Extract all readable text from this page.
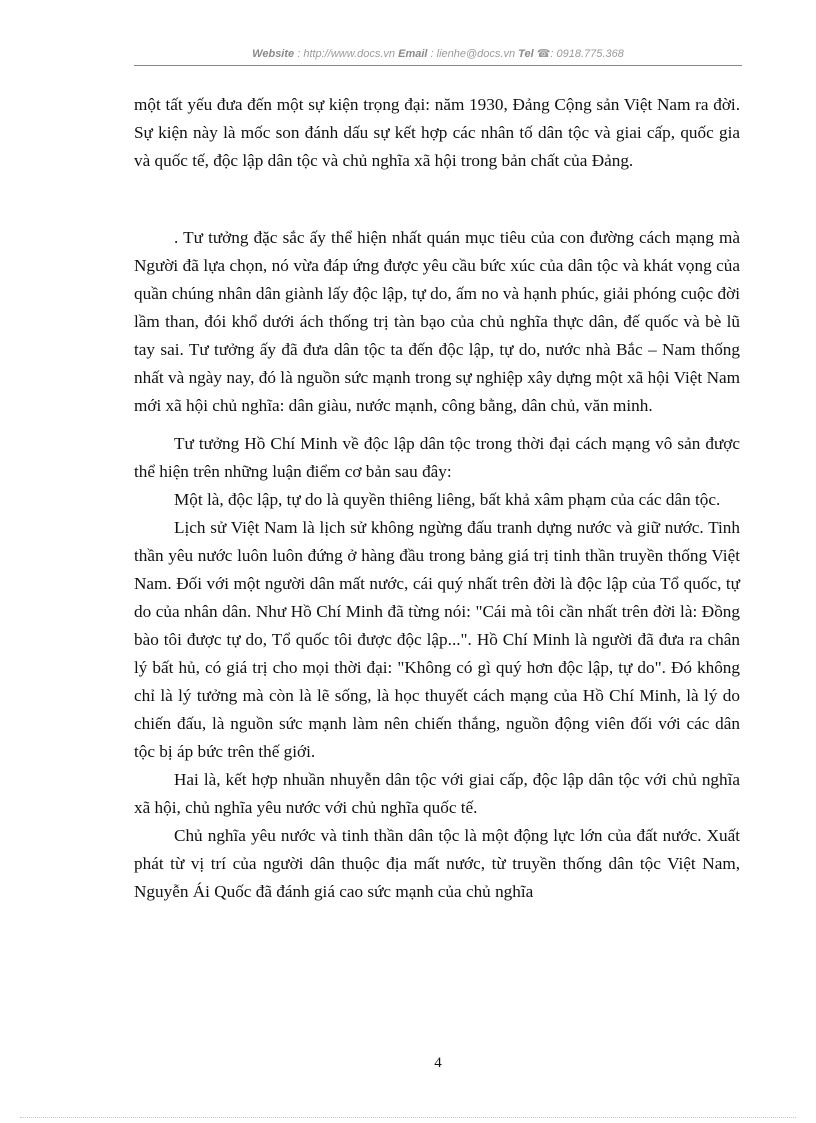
Website : http://www.docs.vn Email : lienhe@docs.vn Tel ☎: 0918.775.368

một tất yếu đưa đến một sự kiện trọng đại: năm 1930, Đảng Cộng sản Việt Nam ra đời. Sự kiện này là mốc son đánh dấu sự kết hợp các nhân tố dân tộc và giai cấp, quốc gia và quốc tế, độc lập dân tộc và chủ nghĩa xã hội trong bản chất của Đảng.

. Tư tưởng đặc sắc ấy thể hiện nhất quán mục tiêu của con đường cách mạng mà Người đã lựa chọn, nó vừa đáp ứng được yêu cầu bức xúc của dân tộc và khát vọng của quần chúng nhân dân giành lấy độc lập, tự do, ấm no và hạnh phúc, giải phóng cuộc đời lầm than, đói khổ dưới ách thống trị tàn bạo của chủ nghĩa thực dân, đế quốc và bè lũ tay sai. Tư tưởng ấy đã đưa dân tộc ta đến độc lập, tự do, nước nhà Bắc – Nam thống nhất và ngày nay, đó là nguồn sức mạnh trong sự nghiệp xây dựng một xã hội Việt Nam mới xã hội chủ nghĩa: dân giàu, nước mạnh, công bằng, dân chủ, văn minh.

Tư tưởng Hồ Chí Minh về độc lập dân tộc trong thời đại cách mạng vô sản được thể hiện trên những luận điểm cơ bản sau đây:

Một là, độc lập, tự do là quyền thiêng liêng, bất khả xâm phạm của các dân tộc.

Lịch sử Việt Nam là lịch sử không ngừng đấu tranh dựng nước và giữ nước. Tinh thần yêu nước luôn luôn đứng ở hàng đầu trong bảng giá trị tinh thần truyền thống Việt Nam. Đối với một người dân mất nước, cái quý nhất trên đời là độc lập của Tổ quốc, tự do của nhân dân. Như Hồ Chí Minh đã từng nói: "Cái mà tôi cần nhất trên đời là: Đồng bào tôi được tự do, Tổ quốc tôi được độc lập...". Hồ Chí Minh là người đã đưa ra chân lý bất hủ, có giá trị cho mọi thời đại: "Không có gì quý hơn độc lập, tự do". Đó không chỉ là lý tưởng mà còn là lẽ sống, là học thuyết cách mạng của Hồ Chí Minh, là lý do chiến đấu, là nguồn sức mạnh làm nên chiến thắng, nguồn động viên đối với các dân tộc bị áp bức trên thế giới.

Hai là, kết hợp nhuần nhuyễn dân tộc với giai cấp, độc lập dân tộc với chủ nghĩa xã hội, chủ nghĩa yêu nước với chủ nghĩa quốc tế.

Chủ nghĩa yêu nước và tinh thần dân tộc là một động lực lớn của đất nước. Xuất phát từ vị trí của người dân thuộc địa mất nước, từ truyền thống dân tộc Việt Nam, Nguyễn Ái Quốc đã đánh giá cao sức mạnh của chủ nghĩa

4
